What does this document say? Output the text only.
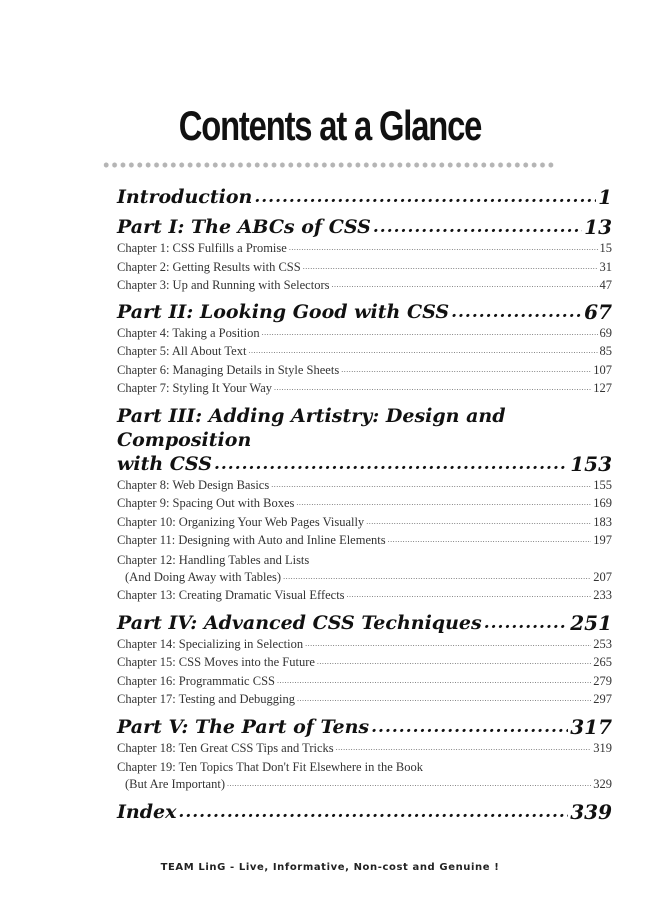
Contents at a Glance
Introduction .....	1
Part I: The ABCs of CSS .....	13
Chapter 1: CSS Fulfills a Promise .....	15
Chapter 2: Getting Results with CSS .....	31
Chapter 3: Up and Running with Selectors .....	47
Part II: Looking Good with CSS .....	67
Chapter 4: Taking a Position .....	69
Chapter 5: All About Text .....	85
Chapter 6: Managing Details in Style Sheets .....	107
Chapter 7: Styling It Your Way .....	127
Part III: Adding Artistry: Design and Composition
with CSS .....	153
Chapter 8: Web Design Basics .....	155
Chapter 9: Spacing Out with Boxes .....	169
Chapter 10: Organizing Your Web Pages Visually .....	183
Chapter 11: Designing with Auto and Inline Elements .....	197
Chapter 12: Handling Tables and Lists
(And Doing Away with Tables) .....	207
Chapter 13: Creating Dramatic Visual Effects .....	233
Part IV: Advanced CSS Techniques .....	251
Chapter 14: Specializing in Selection .....	253
Chapter 15: CSS Moves into the Future .....	265
Chapter 16: Programmatic CSS .....	279
Chapter 17: Testing and Debugging .....	297
Part V: The Part of Tens .....	317
Chapter 18: Ten Great CSS Tips and Tricks .....	319
Chapter 19: Ten Topics That Don't Fit Elsewhere in the Book
(But Are Important) .....	329
Index .....	339
TEAM LinG - Live, Informative, Non-cost and Genuine !
